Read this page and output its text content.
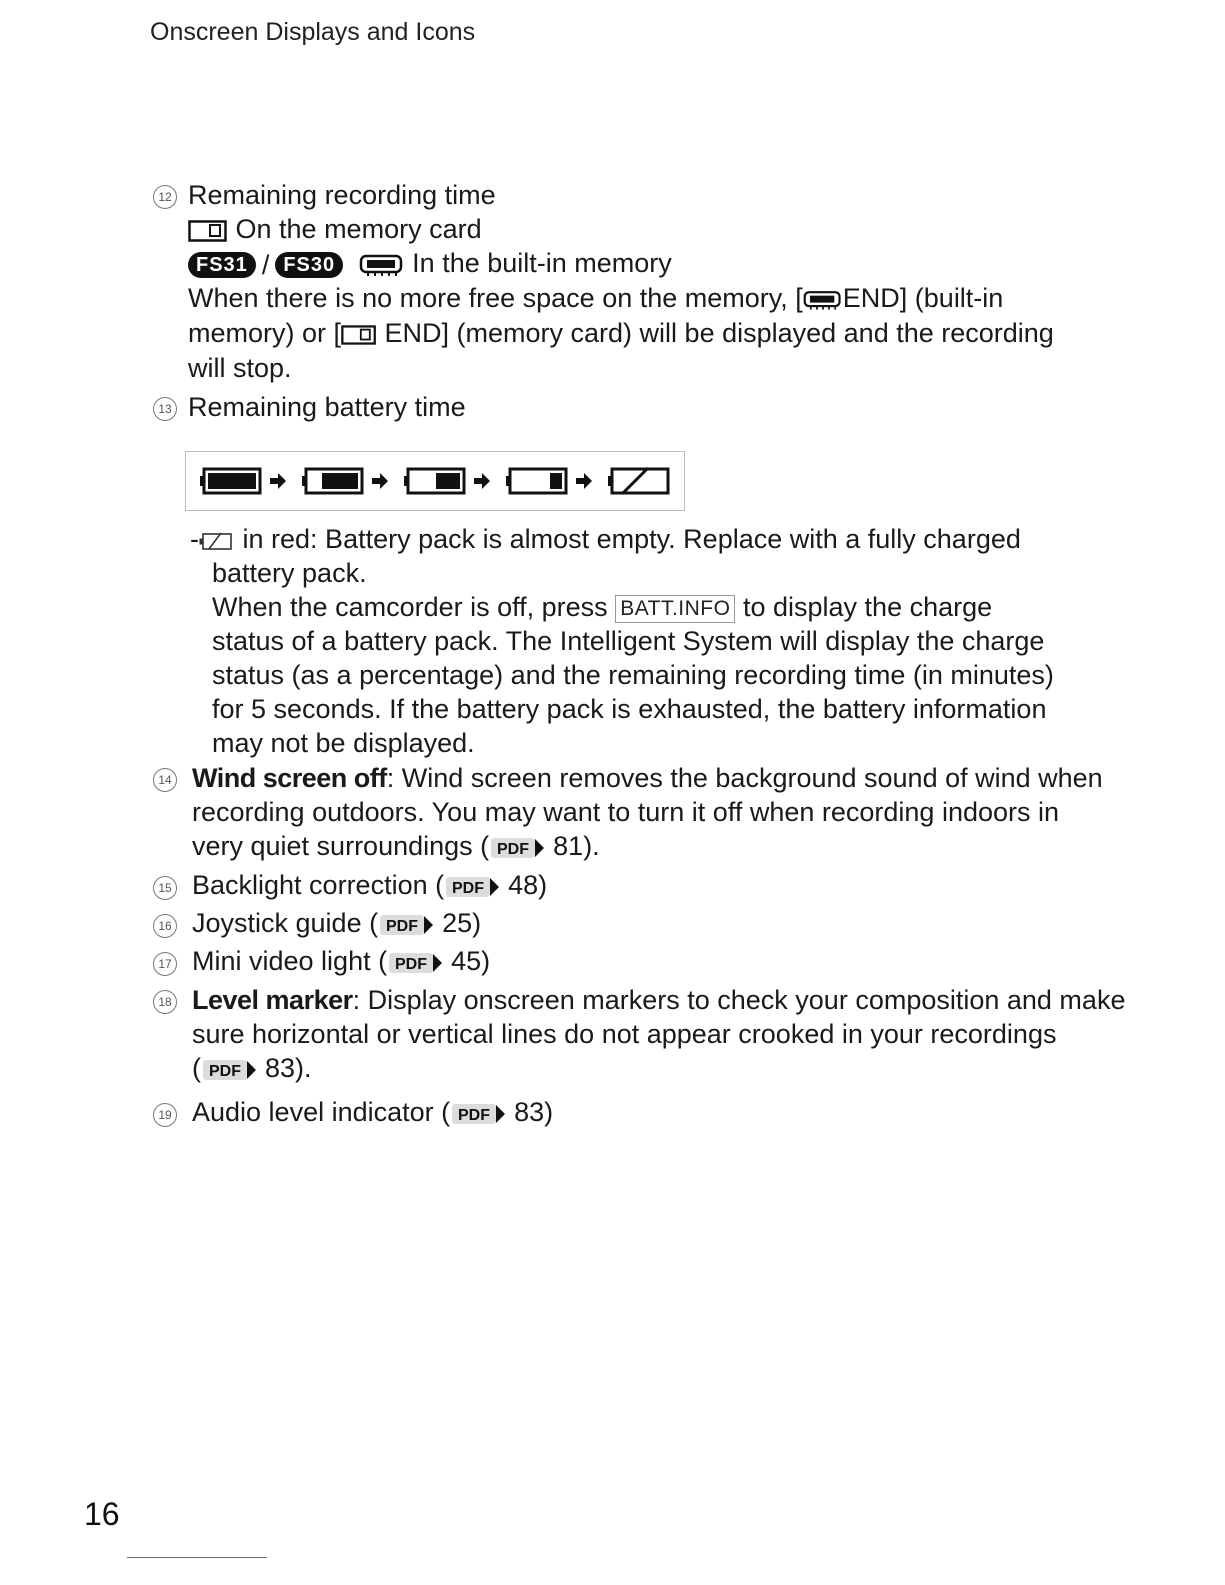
Onscreen Displays and Icons
12 Remaining recording time
On the memory card
FS31 / FS30	In the built-in memory
When there is no more free space on the memory, [ END] (built-in
memory) or [ END] (memory card) will be displayed and the recording
will stop.
13 Remaining battery time
- in red: Battery pack is almost empty. Replace with a fully charged
battery pack.
When the camcorder is off, press BATT.INFO to display the charge
status of a battery pack. The Intelligent System will display the charge
status (as a percentage) and the remaining recording time (in minutes)
for 5 seconds. If the battery pack is exhausted, the battery information
may not be displayed.
14 Wind screen off: Wind screen removes the background sound of wind when
recording outdoors. You may want to turn it off when recording indoors in
very quiet surroundings ( PDF 81).
15 Backlight correction ( PDF 48)
16 Joystick guide ( PDF 25)
17 Mini video light ( PDF 45)
18 Level marker: Display onscreen markers to check your composition and make
sure horizontal or vertical lines do not appear crooked in your recordings
( PDF 83).
19 Audio level indicator ( PDF 83)
16
